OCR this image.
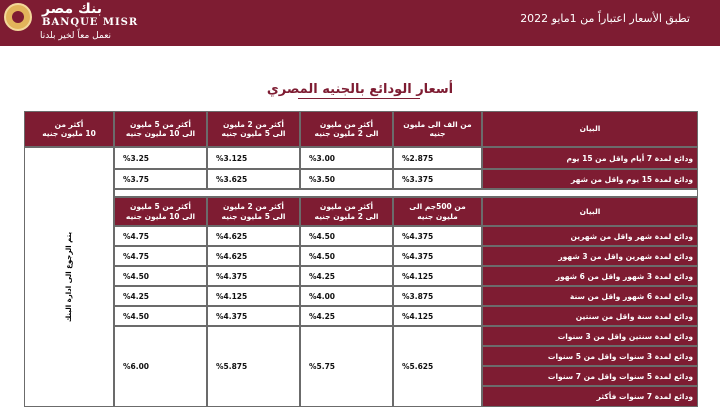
بنك مصر
BANQUE MISR
نعمل معاً لخير بلدنا
تطبق الأسعار اعتباراً من 1مايو 2022
أسعار الودائع بالجنيه المصري
البيان
من الف الى مليون جنيه
أكثر من مليون
الى 2 مليون جنيه
أكثر من 2 مليون
الى 5 مليون جنيه
أكثر من 5 مليون
الى 10 مليون جنيه
أكثر من
10 مليون جنيه
ودائع لمدة 7 أيام واقل من 15 يوم
%2.875
%3.00
%3.125
%3.25
ودائع لمدة 15 يوم واقل من شهر
%3.375
%3.50
%3.625
%3.75
يتم الرجوع الى ادارة البنك
البيان
من 500جم الى
مليون جنيه
أكثر من مليون
الى 2 مليون جنيه
أكثر من 2 مليون
الى 5 مليون جنيه
أكثر من 5 مليون
الى 10 مليون جنيه
ودائع لمدة شهر واقل من شهرين
%4.375
%4.50
%4.625
%4.75
ودائع لمدة شهرين واقل من 3 شهور
%4.375
%4.50
%4.625
%4.75
ودائع لمدة 3 شهور واقل من 6 شهور
%4.125
%4.25
%4.375
%4.50
ودائع لمدة 6 شهور واقل من سنة
%3.875
%4.00
%4.125
%4.25
ودائع لمدة سنة واقل من سنتين
%4.125
%4.25
%4.375
%4.50
ودائع لمدة سنتين واقل من 3 سنوات
ودائع لمدة 3 سنوات واقل من 5 سنوات
ودائع لمدة 5 سنوات واقل من 7 سنوات
ودائع لمدة 7 سنوات فأكثر
%5.625
%5.75
%5.875
%6.00
